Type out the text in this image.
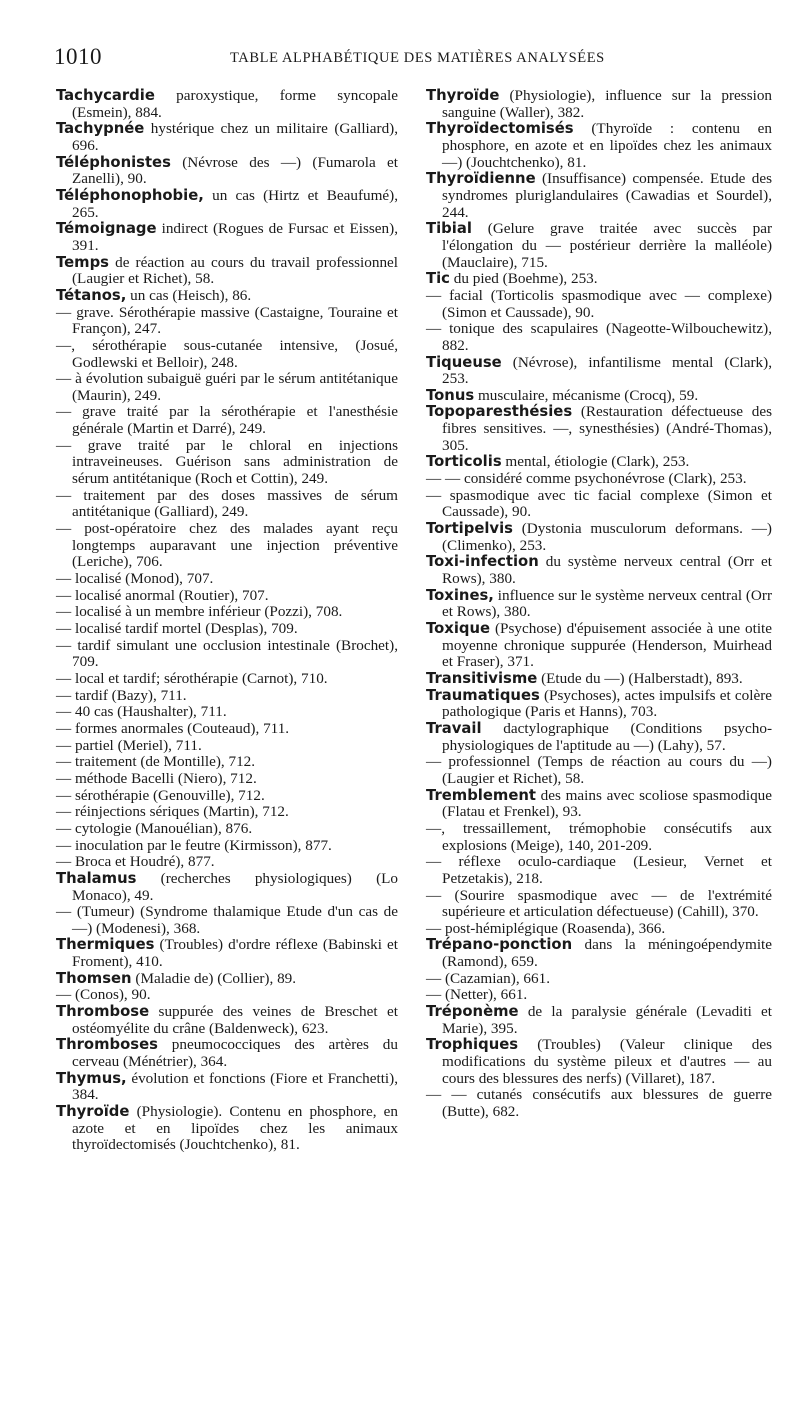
1010	TABLE ALPHABÉTIQUE DES MATIÈRES ANALYSÉES

Tachycardie paroxystique, forme syncopale (Esmein), 884.

Tachypnée hystérique chez un militaire (Galliard), 696.

Téléphonistes (Névrose des —) (Fumarola et Zanelli), 90.

Téléphonophobie, un cas (Hirtz et Beaufumé), 265.

Témoignage indirect (Rogues de Fursac et Eissen), 391.

Temps de réaction au cours du travail professionnel (Laugier et Richet), 58.

Tétanos, un cas (Heisch), 86.

— grave. Sérothérapie massive (Castaigne, Touraine et Françon), 247.

—, sérothérapie sous-cutanée intensive, (Josué, Godlewski et Belloir), 248.

— à évolution subaiguë guéri par le sérum antitétanique (Maurin), 249.

— grave traité par la sérothérapie et l'anesthésie générale (Martin et Darré), 249.

— grave traité par le chloral en injections intraveineuses. Guérison sans administration de sérum antitétanique (Roch et Cottin), 249.

— traitement par des doses massives de sérum antitétanique (Galliard), 249.

— post-opératoire chez des malades ayant reçu longtemps auparavant une injection préventive (Leriche), 706.

— localisé (Monod), 707.

— localisé anormal (Routier), 707.

— localisé à un membre inférieur (Pozzi), 708.

— localisé tardif mortel (Desplas), 709.

— tardif simulant une occlusion intestinale (Brochet), 709.

— local et tardif; sérothérapie (Carnot), 710.

— tardif (Bazy), 711.

— 40 cas (Haushalter), 711.

— formes anormales (Couteaud), 711.

— partiel (Meriel), 711.

— traitement (de Montille), 712.

— méthode Bacelli (Niero), 712.

— sérothérapie (Genouville), 712.

— réinjections sériques (Martin), 712.

— cytologie (Manouélian), 876.

— inoculation par le feutre (Kirmisson), 877.

— Broca et Houdré), 877.

Thalamus (recherches physiologiques) (Lo Monaco), 49.

— (Tumeur) (Syndrome thalamique Etude d'un cas de —) (Modenesi), 368.

Thermiques (Troubles) d'ordre réflexe (Babinski et Froment), 410.

Thomsen (Maladie de) (Collier), 89.

— (Conos), 90.

Thrombose suppurée des veines de Breschet et ostéomyélite du crâne (Baldenweck), 623.

Thromboses pneumococciques des artères du cerveau (Ménétrier), 364.

Thymus, évolution et fonctions (Fiore et Franchetti), 384.

Thyroïde (Physiologie). Contenu en phosphore, en azote et en lipoïdes chez les animaux thyroïdectomisés (Jouchtchenko), 81.

Thyroïde (Physiologie), influence sur la pression sanguine (Waller), 382.

Thyroïdectomisés (Thyroïde : contenu en phosphore, en azote et en lipoïdes chez les animaux —) (Jouchtchenko), 81.

Thyroïdienne (Insuffisance) compensée. Etude des syndromes pluriglandulaires (Cawadias et Sourdel), 244.

Tibial (Gelure grave traitée avec succès par l'élongation du — postérieur derrière la malléole) (Mauclaire), 715.

Tic du pied (Boehme), 253.

— facial (Torticolis spasmodique avec — complexe) (Simon et Caussade), 90.

— tonique des scapulaires (Nageotte-Wilbouchewitz), 882.

Tiqueuse (Névrose), infantilisme mental (Clark), 253.

Tonus musculaire, mécanisme (Crocq), 59.

Topoparesthésies (Restauration défectueuse des fibres sensitives. —, synesthésies) (André-Thomas), 305.

Torticolis mental, étiologie (Clark), 253.

— — considéré comme psychonévrose (Clark), 253.

— spasmodique avec tic facial complexe (Simon et Caussade), 90.

Tortipelvis (Dystonia musculorum deformans. —) (Climenko), 253.

Toxi-infection du système nerveux central (Orr et Rows), 380.

Toxines, influence sur le système nerveux central (Orr et Rows), 380.

Toxique (Psychose) d'épuisement associée à une otite moyenne chronique suppurée (Henderson, Muirhead et Fraser), 371.

Transitivisme (Etude du —) (Halberstadt), 893.

Traumatiques (Psychoses), actes impulsifs et colère pathologique (Paris et Hanns), 703.

Travail dactylographique (Conditions psycho-physiologiques de l'aptitude au —) (Lahy), 57.

— professionnel (Temps de réaction au cours du —) (Laugier et Richet), 58.

Tremblement des mains avec scoliose spasmodique (Flatau et Frenkel), 93.

—, tressaillement, trémophobie consécutifs aux explosions (Meige), 140, 201-209.

— réflexe oculo-cardiaque (Lesieur, Vernet et Petzetakis), 218.

— (Sourire spasmodique avec — de l'extrémité supérieure et articulation défectueuse) (Cahill), 370.

— post-hémiplégique (Roasenda), 366.

Trépano-ponction dans la méningoépendymite (Ramond), 659.

— (Cazamian), 661.

— (Netter), 661.

Tréponème de la paralysie générale (Levaditi et Marie), 395.

Trophiques (Troubles) (Valeur clinique des modifications du système pileux et d'autres — au cours des blessures des nerfs) (Villaret), 187.

— — cutanés consécutifs aux blessures de guerre (Butte), 682.
